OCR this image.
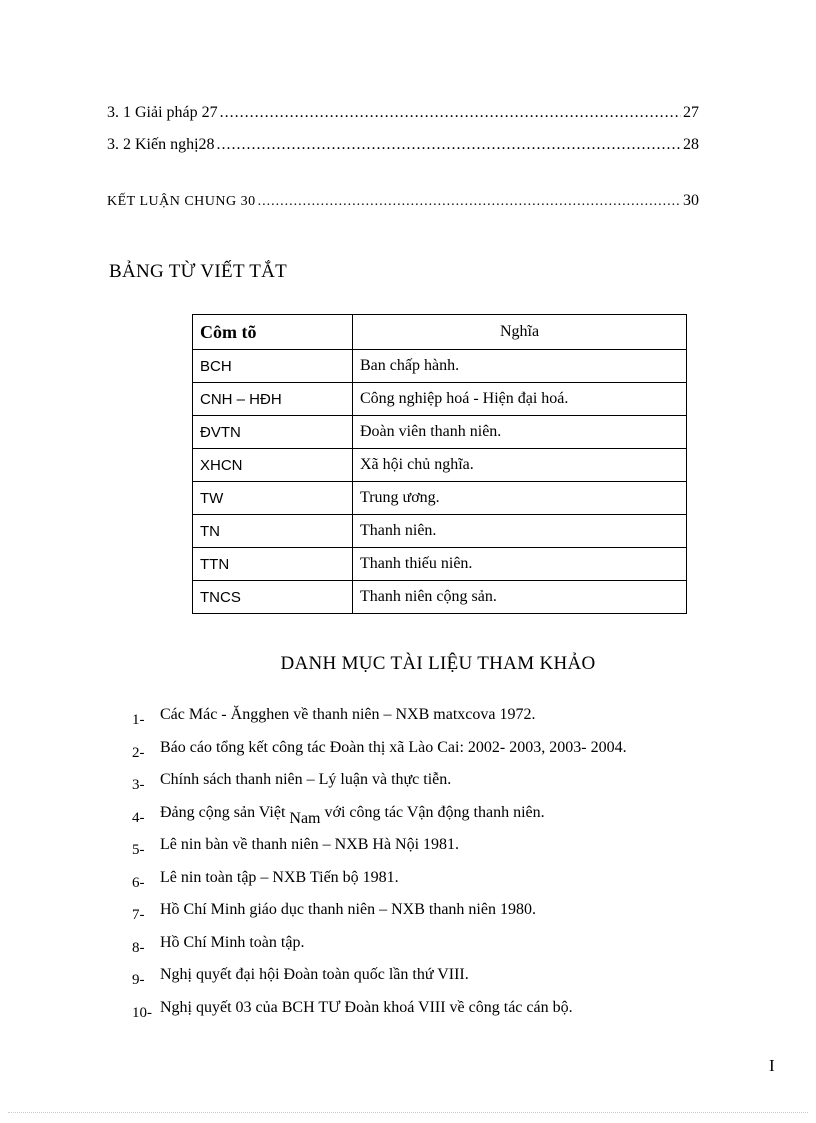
3. 1 Giải pháp 27 .....	27
3. 2 Kiến nghị28 .....	28
KẾT LUẬN CHUNG 30 .....	30
BẢNG TỪ VIẾT TẮT
Côm tõ	Nghĩa
BCH	Ban chấp hành.
CNH – HĐH	Công nghiệp hoá - Hiện đại hoá.
ĐVTN	Đoàn viên thanh niên.
XHCN	Xã hội chủ nghĩa.
TW	Trung ương.
TN	Thanh niên.
TTN	Thanh thiếu niên.
TNCS	Thanh niên cộng sản.
DANH MỤC TÀI LIỆU THAM KHẢO
1- Các Mác - Ăngghen về thanh niên – NXB matxcova 1972.
2- Báo cáo tổng kết công tác Đoàn thị xã Lào Cai: 2002- 2003, 2003- 2004.
3- Chính sách thanh niên – Lý luận và thực tiễn.
4- Đảng cộng sản Việt Nam với công tác Vận động thanh niên.
5- Lê nin bàn về thanh niên – NXB Hà Nội 1981.
6- Lê nin toàn tập – NXB Tiến bộ 1981.
7- Hồ Chí Minh giáo dục thanh niên – NXB thanh niên 1980.
8- Hồ Chí Minh toàn tập.
9- Nghị quyết đại hội Đoàn toàn quốc lần thứ VIII.
10- Nghị quyết 03 của BCH TƯ Đoàn khoá VIII về công tác cán bộ.
I
